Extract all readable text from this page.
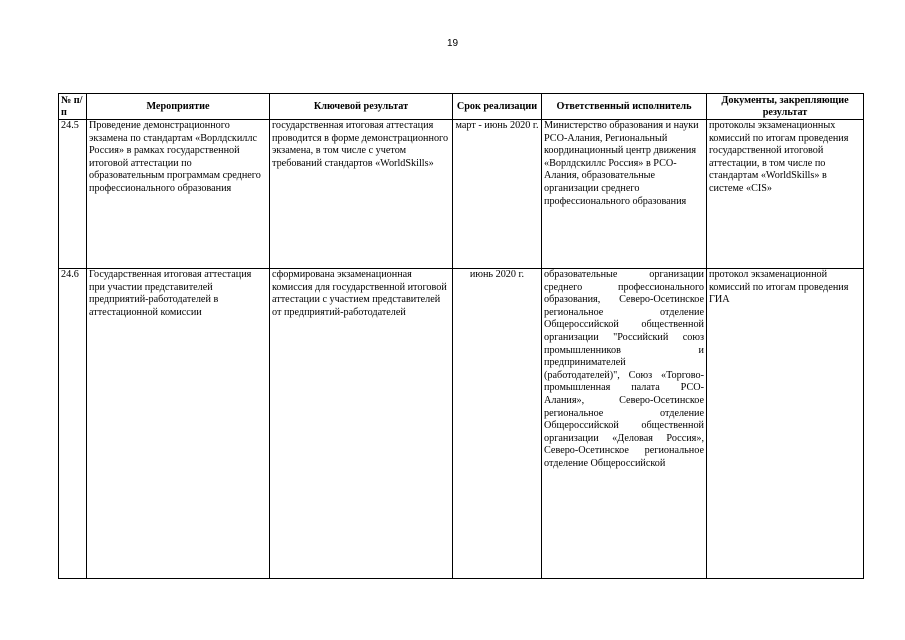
19
№ п/п	Мероприятие	Ключевой результат	Срок реализации	Ответственный исполнитель	Документы, закрепляющие результат
24.5	Проведение демонстрационного экзамена по стандартам «Ворлдскиллс Россия» в рамках государственной итоговой аттестации по образовательным программам среднего профессионального образования	государственная итоговая аттестация проводится в форме демонстрационного экзамена, в том числе с учетом требований стандартов «WorldSkills»	март - июнь 2020 г.	Министерство образования и науки РСО-Алания, Региональный координационный центр движения «Ворлдскиллс Россия» в РСО-Алания, образовательные организации среднего профессионального образования	протоколы экзаменационных комиссий по итогам проведения государственной итоговой аттестации, в том числе по стандартам «WorldSkills» в системе «CIS»
24.6	Государственная итоговая аттестация при участии представителей предприятий-работодателей в аттестационной комиссии	сформирована экзаменационная комиссия для государственной итоговой аттестации с участием представителей от предприятий-работодателей	июнь 2020 г.	образовательные организации среднего профессионального образования, Северо-Осетинское региональное отделение Общероссийской общественной организации "Российский союз промышленников и предпринимателей (работодателей)", Союз «Торгово-промышленная палата РСО-Алания», Северо-Осетинское региональное отделение Общероссийской общественной организации «Деловая Россия», Северо-Осетинское региональное отделение Общероссийской	протокол экзаменационной комиссий по итогам проведения ГИА
